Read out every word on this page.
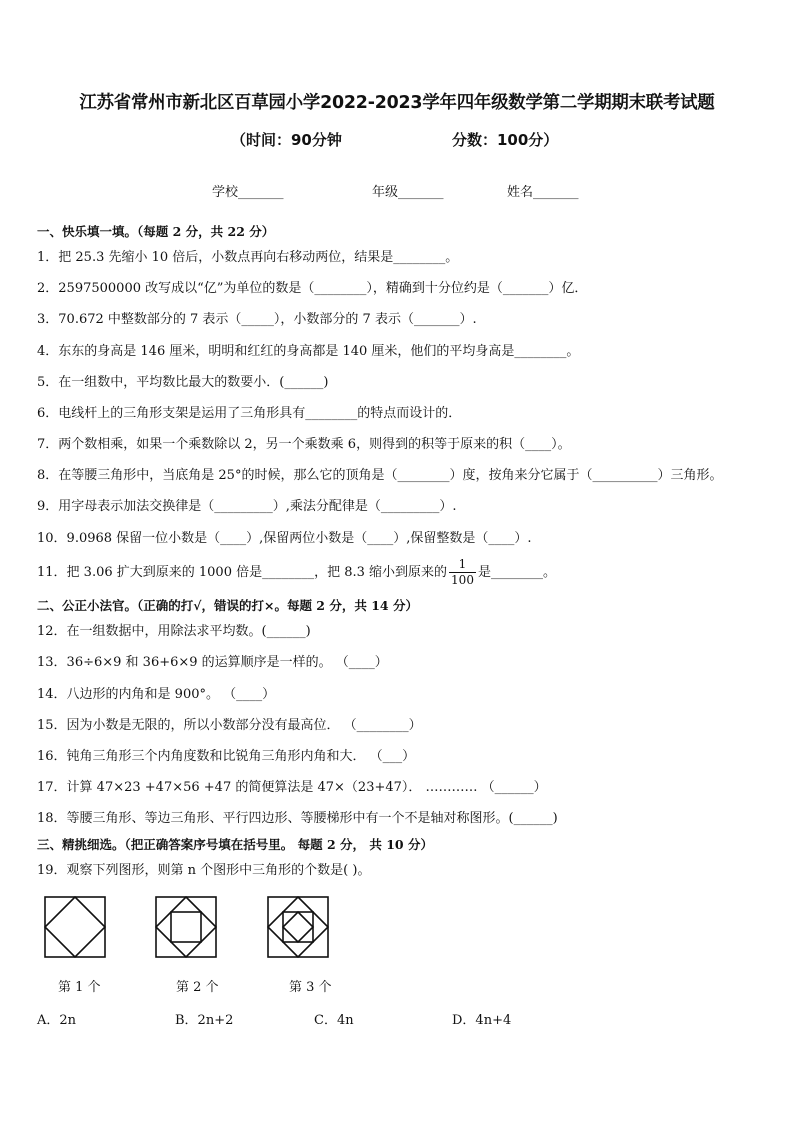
江苏省常州市新北区百草园小学2022-2023学年四年级数学第二学期期末联考试题
（时间：90分钟	分数：100分）
学校_______	年级_______	姓名_______
一、快乐填一填。（每题 2 分，共 22 分）
1．把 25.3 先缩小 10 倍后，小数点再向右移动两位，结果是________。
2．2597500000 改写成以“亿”为单位的数是（________），精确到十分位约是（_______）亿．
3．70.672 中整数部分的 7 表示（_____），小数部分的 7 表示（_______）.
4．东东的身高是 146 厘米，明明和红红的身高都是 140 厘米，他们的平均身高是________。
5．在一组数中，平均数比最大的数要小．(______)
6．电线杆上的三角形支架是运用了三角形具有________的特点而设计的．
7．两个数相乘，如果一个乘数除以 2，另一个乘数乘 6，则得到的积等于原来的积（____）。
8．在等腰三角形中，当底角是 25°的时候，那么它的顶角是（________）度，按角来分它属于（__________）三角形。
9．用字母表示加法交换律是（_________）,乘法分配律是（_________）.
10．9.0968 保留一位小数是（____）,保留两位小数是（____）,保留整数是（____）.
11．把 3.06 扩大到原来的 1000 倍是________，把 8.3 缩小到原来的 $\frac{1}{100}$ 是________。
二、公正小法官。（正确的打√，错误的打×。每题 2 分，共 14 分）
12．在一组数据中，用除法求平均数。(______)
13．36÷6×9 和 36+6×9 的运算顺序是一样的。 （____）
14．八边形的内角和是 900°。 （____）
15．因为小数是无限的，所以小数部分没有最高位． （________）
16．钝角三角形三个内角度数和比锐角三角形内角和大． （___）
17．计算 47×23 +47×56 +47 的简便算法是 47×（23+47）． ………… （______）
18．等腰三角形、等边三角形、平行四边形、等腰梯形中有一个不是轴对称图形。(______)
三、精挑细选。（把正确答案序号填在括号里。 每题 2 分， 共 10 分）
19．观察下列图形，则第 n 个图形中三角形的个数是( )。
第 1 个	第 2 个	第 3 个
A．2n	B．2n+2	C．4n	D．4n+4
